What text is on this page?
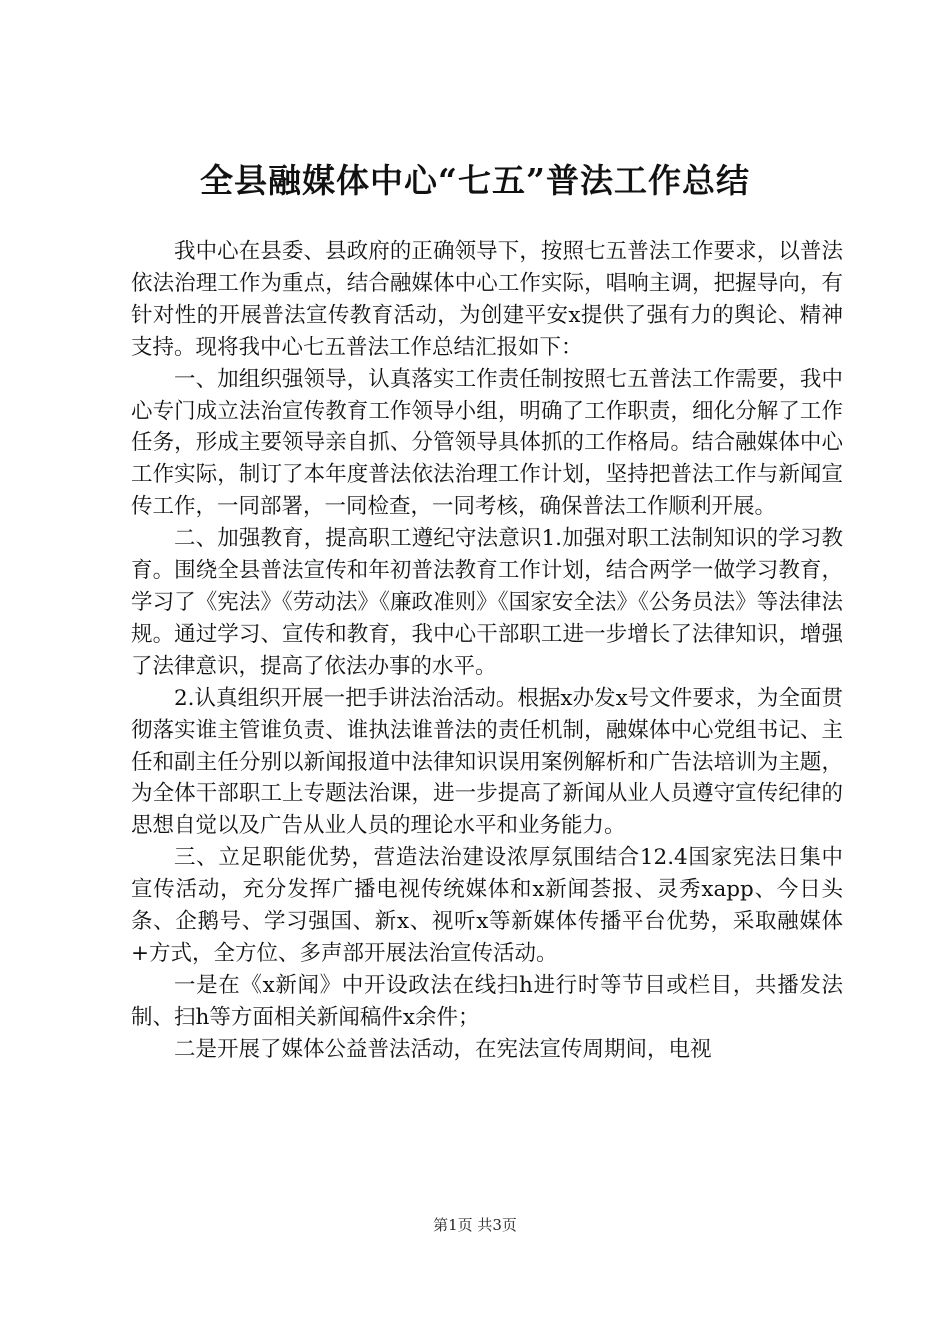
全县融媒体中心“七五”普法工作总结

我中心在县委、县政府的正确领导下，按照七五普法工作要求，以普法依法治理工作为重点，结合融媒体中心工作实际，唱响主调，把握导向，有针对性的开展普法宣传教育活动，为创建平安x提供了强有力的舆论、精神支持。现将我中心七五普法工作总结汇报如下：

一、加组织强领导，认真落实工作责任制按照七五普法工作需要，我中心专门成立法治宣传教育工作领导小组，明确了工作职责，细化分解了工作任务，形成主要领导亲自抓、分管领导具体抓的工作格局。结合融媒体中心工作实际，制订了本年度普法依法治理工作计划，坚持把普法工作与新闻宣传工作，一同部署，一同检查，一同考核，确保普法工作顺利开展。

二、加强教育，提高职工遵纪守法意识1.加强对职工法制知识的学习教育。围绕全县普法宣传和年初普法教育工作计划，结合两学一做学习教育，学习了《宪法》《劳动法》《廉政准则》《国家安全法》《公务员法》等法律法规。通过学习、宣传和教育，我中心干部职工进一步增长了法律知识，增强了法律意识，提高了依法办事的水平。

2.认真组织开展一把手讲法治活动。根据x办发x号文件要求，为全面贯彻落实谁主管谁负责、谁执法谁普法的责任机制，融媒体中心党组书记、主任和副主任分别以新闻报道中法律知识误用案例解析和广告法培训为主题，为全体干部职工上专题法治课，进一步提高了新闻从业人员遵守宣传纪律的思想自觉以及广告从业人员的理论水平和业务能力。

三、立足职能优势，营造法治建设浓厚氛围结合12.4国家宪法日集中宣传活动，充分发挥广播电视传统媒体和x新闻荟报、灵秀xapp、今日头条、企鹅号、学习强国、新x、视听x等新媒体传播平台优势，采取融媒体+方式，全方位、多声部开展法治宣传活动。

一是在《x新闻》中开设政法在线扫h进行时等节目或栏目，共播发法制、扫h等方面相关新闻稿件x余件；

二是开展了媒体公益普法活动，在宪法宣传周期间，电视

第1页 共3页
